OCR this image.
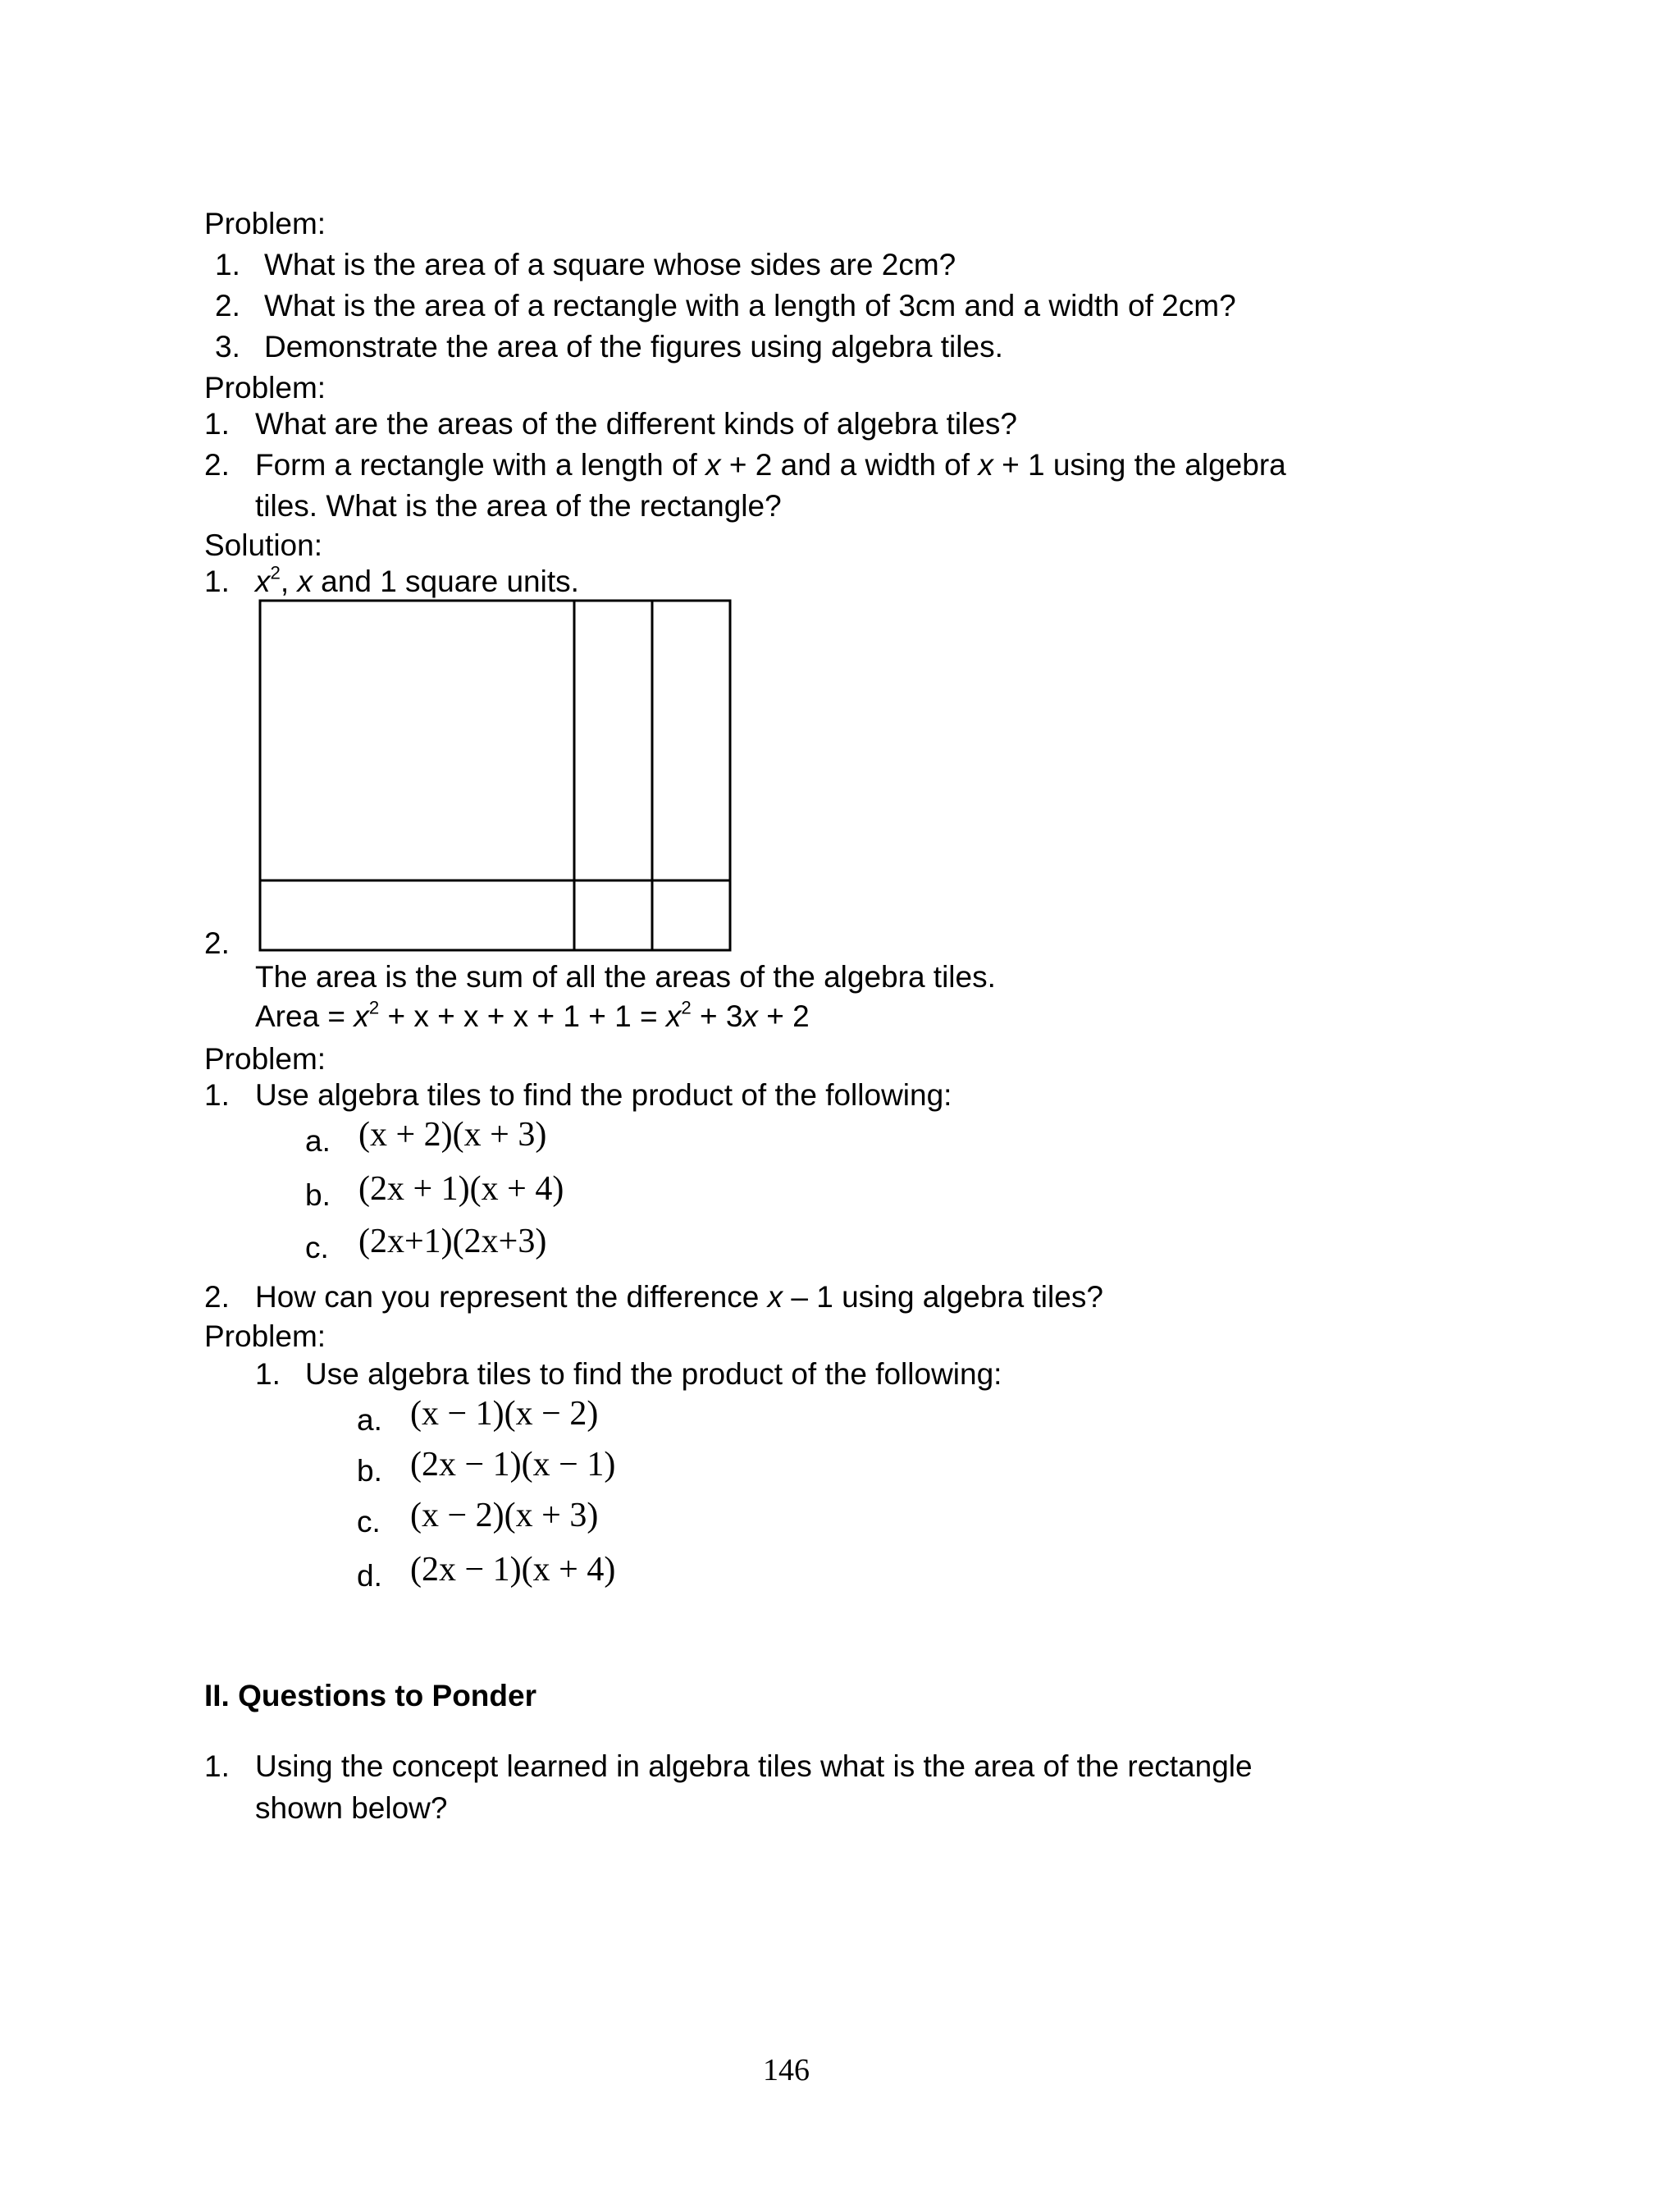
Problem:
1. What is the area of a square whose sides are 2cm?
2. What is the area of a rectangle with a length of 3cm and a width of 2cm?
3. Demonstrate the area of the figures using algebra tiles.
Problem:
1. What are the areas of the different kinds of algebra tiles?
2. Form a rectangle with a length of x + 2 and a width of x + 1 using the algebra
tiles. What is the area of the rectangle?
Solution:
1. $x^2$, x and 1 square units.
2.
The area is the sum of all the areas of the algebra tiles.
Area = $x^2 + x + x + x + 1 + 1 = x^2 + 3x + 2$
Problem:
1. Use algebra tiles to find the product of the following:
a. (x + 2)(x + 3)
b. (2x + 1)(x + 4)
c. (2x+1)(2x+3)
2. How can you represent the difference x – 1 using algebra tiles?
Problem:
1. Use algebra tiles to find the product of the following:
a. (x − 1)(x − 2)
b. (2x − 1)(x − 1)
c. (x − 2)(x + 3)
d. (2x − 1)(x + 4)
II. Questions to Ponder
1. Using the concept learned in algebra tiles what is the area of the rectangle
shown below?
146
